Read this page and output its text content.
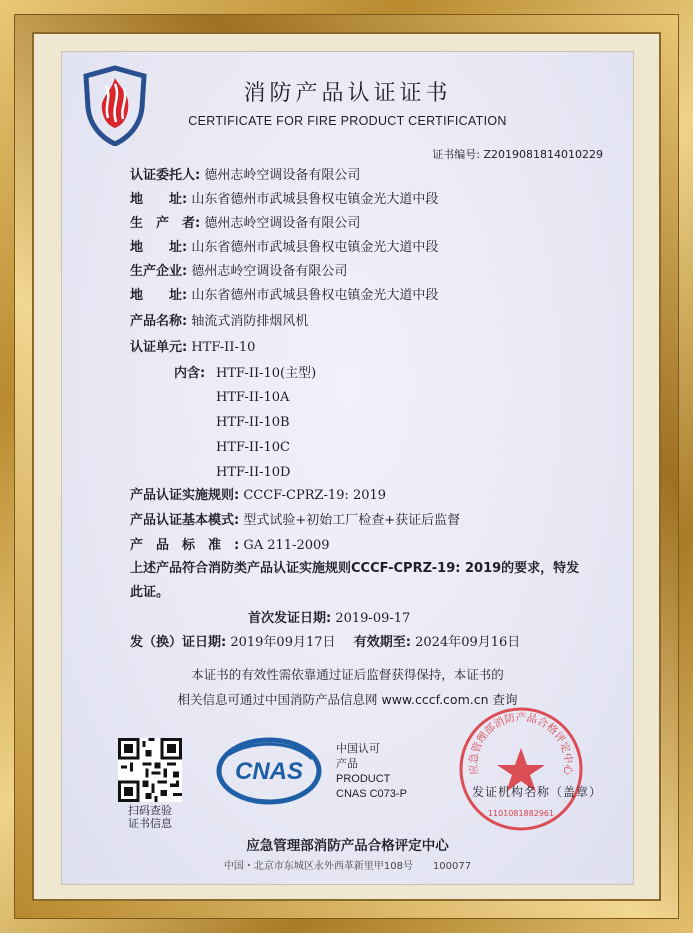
消防产品认证证书
CERTIFICATE FOR FIRE PRODUCT CERTIFICATION
证书编号: Z2019081814010229
认证委托人: 德州志岭空调设备有限公司
地　　址: 山东省德州市武城县鲁权屯镇金光大道中段
生　产　者: 德州志岭空调设备有限公司
地　　址: 山东省德州市武城县鲁权屯镇金光大道中段
生产企业: 德州志岭空调设备有限公司
地　　址: 山东省德州市武城县鲁权屯镇金光大道中段
产品名称: 轴流式消防排烟风机
认证单元: HTF-II-10
内含: HTF-II-10(主型)
HTF-II-10A
HTF-II-10B
HTF-II-10C
HTF-II-10D
产品认证实施规则: CCCF-CPRZ-19: 2019
产品认证基本模式: 型式试验+初始工厂检查+获证后监督
产　品　标　准　: GA 211-2009
上述产品符合消防类产品认证实施规则CCCF-CPRZ-19: 2019的要求，特发
此证。
首次发证日期: 2019-09-17
发（换）证日期: 2019年09月17日 有效期至: 2024年09月16日
本证书的有效性需依靠通过证后监督获得保持，本证书的
相关信息可通过中国消防产品信息网 www.cccf.com.cn 查询
扫码查验
证书信息
CNAS
中国认可
产品
PRODUCT
CNAS C073-P
应急管理部消防产品合格评定中心
1101081882961
发证机构名称（盖章）
应急管理部消防产品合格评定中心
中国・北京市东城区永外西革新里甲108号　　100077
